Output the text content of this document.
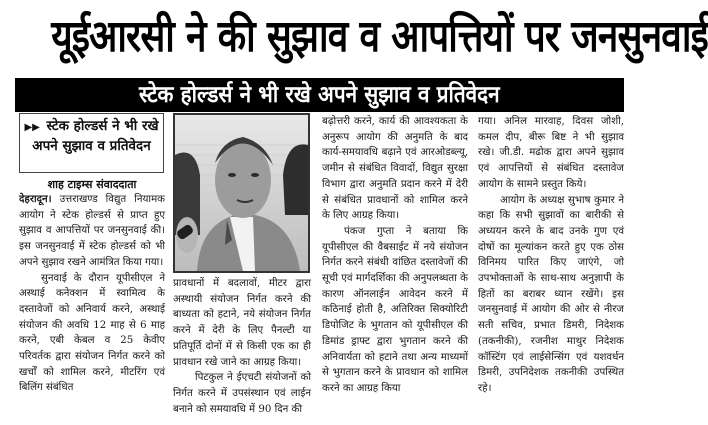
यूईआरसी ने की सुझाव व आपत्तियों पर जनसुनवाई
स्टेक होल्डर्स ने भी रखे अपने सुझाव व प्रतिवेदन
▶▶ स्टेक होल्डर्स ने भी रखे अपने सुझाव व प्रतिवेदन
शाह टाइम्स संवाददाता

देहरादून। उत्तराखण्ड विद्युत नियामक आयोग ने स्टेक होल्डर्स से प्राप्त हुए सुझाव व आपत्तियों पर जनसुनवाई की। इस जनसुनवाई में स्टेक होल्डर्स को भी अपने सुझाव रखने आमंत्रित किया गया।

सुनवाई के दौरान यूपीसीएल ने अस्थाई कनेक्शन में स्वामित्व के दस्तावेजों को अनिवार्य करने, अस्थाई संयोजन की अवधि 12 माह से 6 माह करने, एबी केबल व 25 केवीए परिवर्तक द्वारा संयोजन निर्गत करने को खर्चों को शामिल करने, मीटरिंग एवं बिलिंग संबंधित

प्रावधानों में बदलावों, मीटर द्वारा अस्थायी संयोजन निर्गत करने की बाध्यता को हटाने, नये संयोजन निर्गत करने में देरी के लिए पैनल्टी या प्रतिपूर्ति दोनों में से किसी एक का ही प्रावधान रखे जाने का आग्रह किया।

पिटकुल ने ईएचटी संयोजनों को निर्गत करने में उपसंस्थान एवं लाईन बनाने को समयावधि में 90 दिन की

बढ़ोत्तरी करने, कार्य की आवश्यकता के अनुरूप आयोग की अनुमति के बाद कार्य-समयावधि बढ़ाने एवं आरओडब्ल्यू, जमीन से संबंधित विवादों, विद्युत सुरक्षा विभाग द्वारा अनुमति प्रदान करने में देरी से संबंधित प्रावधानों को शामिल करने के लिए आग्रह किया।

पंकज गुप्ता ने बताया कि यूपीसीएल की वैबसाईट में नये संयोजन निर्गत करने संबंधी वांछित दस्तावेजों की सूची एवं मार्गदर्शिका की अनुपलब्धता के कारण ऑनलाईन आवेदन करने में कठिनाई होती है, अतिरिक्त सिक्योरिटी डिपोजिट के भुगतान को यूपीसीएल की डिमांड ड्राफ्ट द्वारा भुगतान करने की अनिवार्यता को हटाने तथा अन्य माध्यमों से भुगतान करने के प्रावधान को शामिल करने का आग्रह किया

गया। अनिल मारवाह, दिवस जोशी, कमल दीप, बीरू बिष्ट ने भी सुझाव रखे। जी.डी. मढोक द्वारा अपने सुझाव एवं आपत्तियों से संबंधित दस्तावेज आयोग के सामने प्रस्तुत किये।

आयोग के अध्यक्ष सुभाष कुमार ने कहा कि सभी सुझावों का बारीकी से अध्ययन करने के बाद उनके गुण एवं दोषों का मूल्यांकन करते हुए एक ठोस विनिमय पारित किए जाएंगे, जो उपभोक्ताओं के साथ-साथ अनुज्ञापी के हितों का बराबर ध्यान रखेंगे। इस जनसुनवाई में आयोग की ओर से नीरज सती सचिव, प्रभात डिमरी, निदेशक (तकनीकी), रजनीश माथुर निदेशक कॉस्टिंग एवं लाईसेन्सिंग एवं यशवर्धन डिमरी, उपनिदेशक तकनीकी उपस्थित रहे।
